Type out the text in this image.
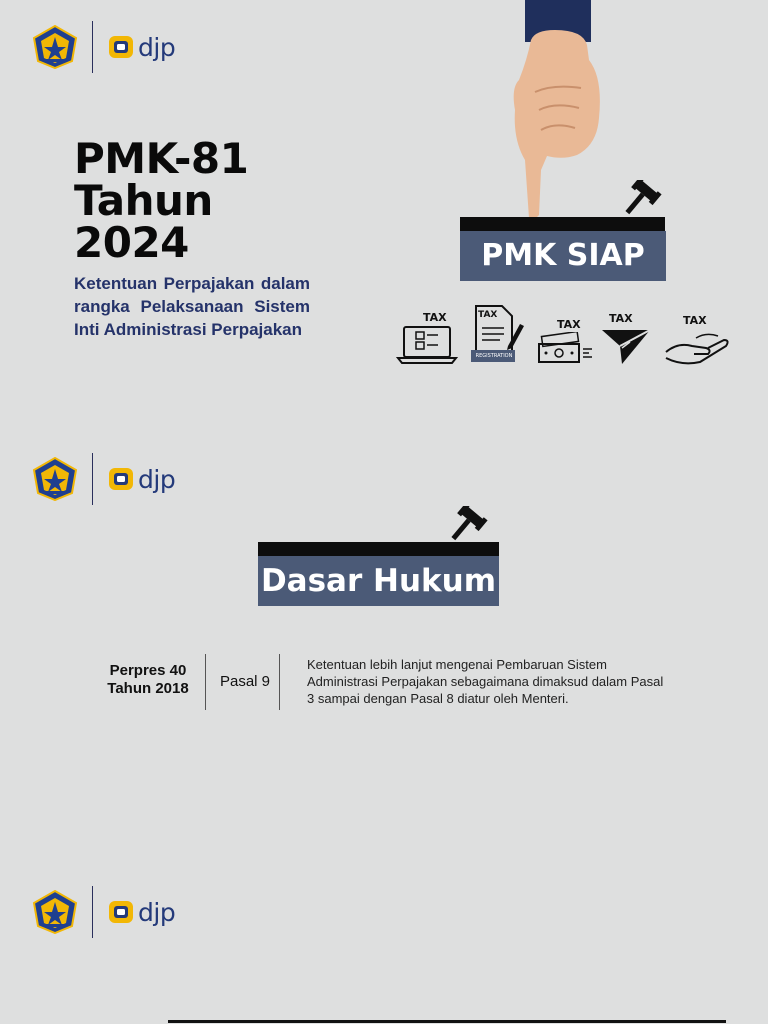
djp
PMK-81
Tahun
2024
Ketentuan Perpajakan dalam rangka Pelaksanaan Sistem Inti Administrasi Perpajakan
PMK SIAP
TAX	TAX
REGISTRATION
TAX	TAX	TAX
djp
Dasar Hukum
Perpres 40
Tahun 2018	Pasal 9
Ketentuan lebih lanjut mengenai Pembaruan Sistem Administrasi Perpajakan sebagaimana dimaksud dalam Pasal 3 sampai dengan Pasal 8 diatur oleh Menteri.
djp
